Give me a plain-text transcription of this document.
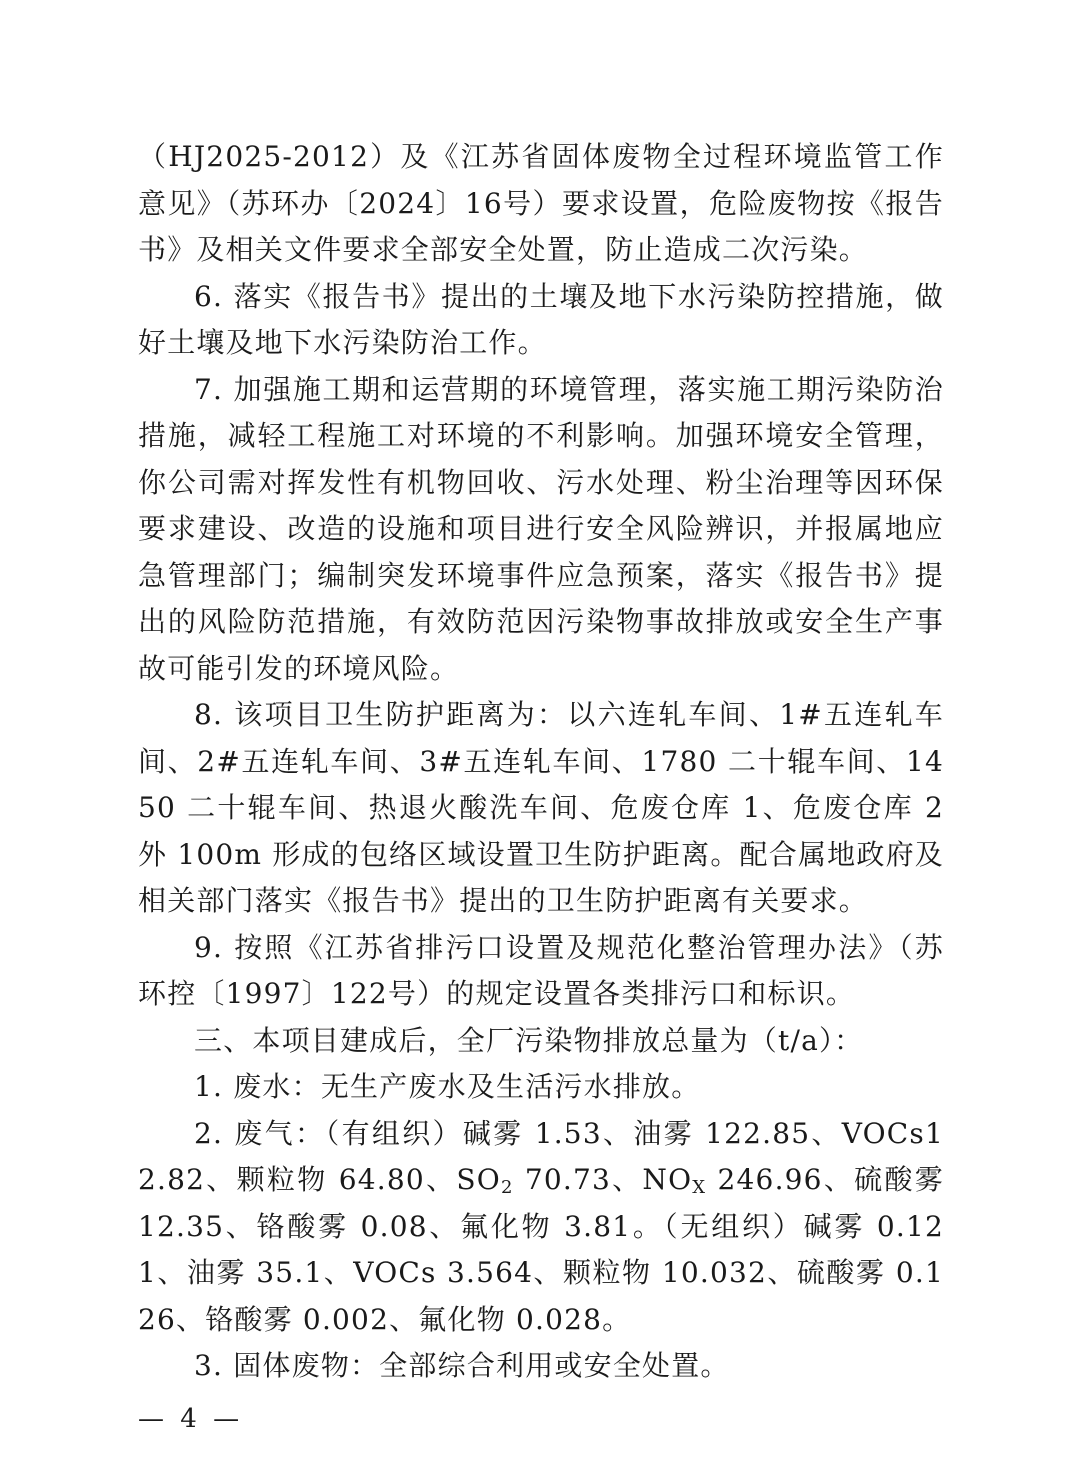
（HJ2025-2012）及《江苏省固体废物全过程环境监管工作意见》（苏环办〔2024〕16号）要求设置，危险废物按《报告书》及相关文件要求全部安全处置，防止造成二次污染。

6. 落实《报告书》提出的土壤及地下水污染防控措施，做好土壤及地下水污染防治工作。

7. 加强施工期和运营期的环境管理，落实施工期污染防治措施，减轻工程施工对环境的不利影响。加强环境安全管理，你公司需对挥发性有机物回收、污水处理、粉尘治理等因环保要求建设、改造的设施和项目进行安全风险辨识，并报属地应急管理部门；编制突发环境事件应急预案，落实《报告书》提出的风险防范措施，有效防范因污染物事故排放或安全生产事故可能引发的环境风险。

8. 该项目卫生防护距离为：以六连轧车间、1#五连轧车间、2#五连轧车间、3#五连轧车间、1780 二十辊车间、1450 二十辊车间、热退火酸洗车间、危废仓库 1、危废仓库 2 外 100m 形成的包络区域设置卫生防护距离。配合属地政府及相关部门落实《报告书》提出的卫生防护距离有关要求。

9. 按照《江苏省排污口设置及规范化整治管理办法》（苏环控〔1997〕122号）的规定设置各类排污口和标识。

三、本项目建成后，全厂污染物排放总量为（t/a）：

1. 废水：无生产废水及生活污水排放。

2. 废气：（有组织）碱雾 1.53、油雾 122.85、VOCs12.82、颗粒物 64.80、$SO_2$ 70.73、$NO_X$ 246.96、硫酸雾 12.35、铬酸雾 0.08、氟化物 3.81。（无组织）碱雾 0.121、油雾 35.1、VOCs 3.564、颗粒物 10.032、硫酸雾 0.126、铬酸雾 0.002、氟化物 0.028。

3. 固体废物：全部综合利用或安全处置。

— 4 —
